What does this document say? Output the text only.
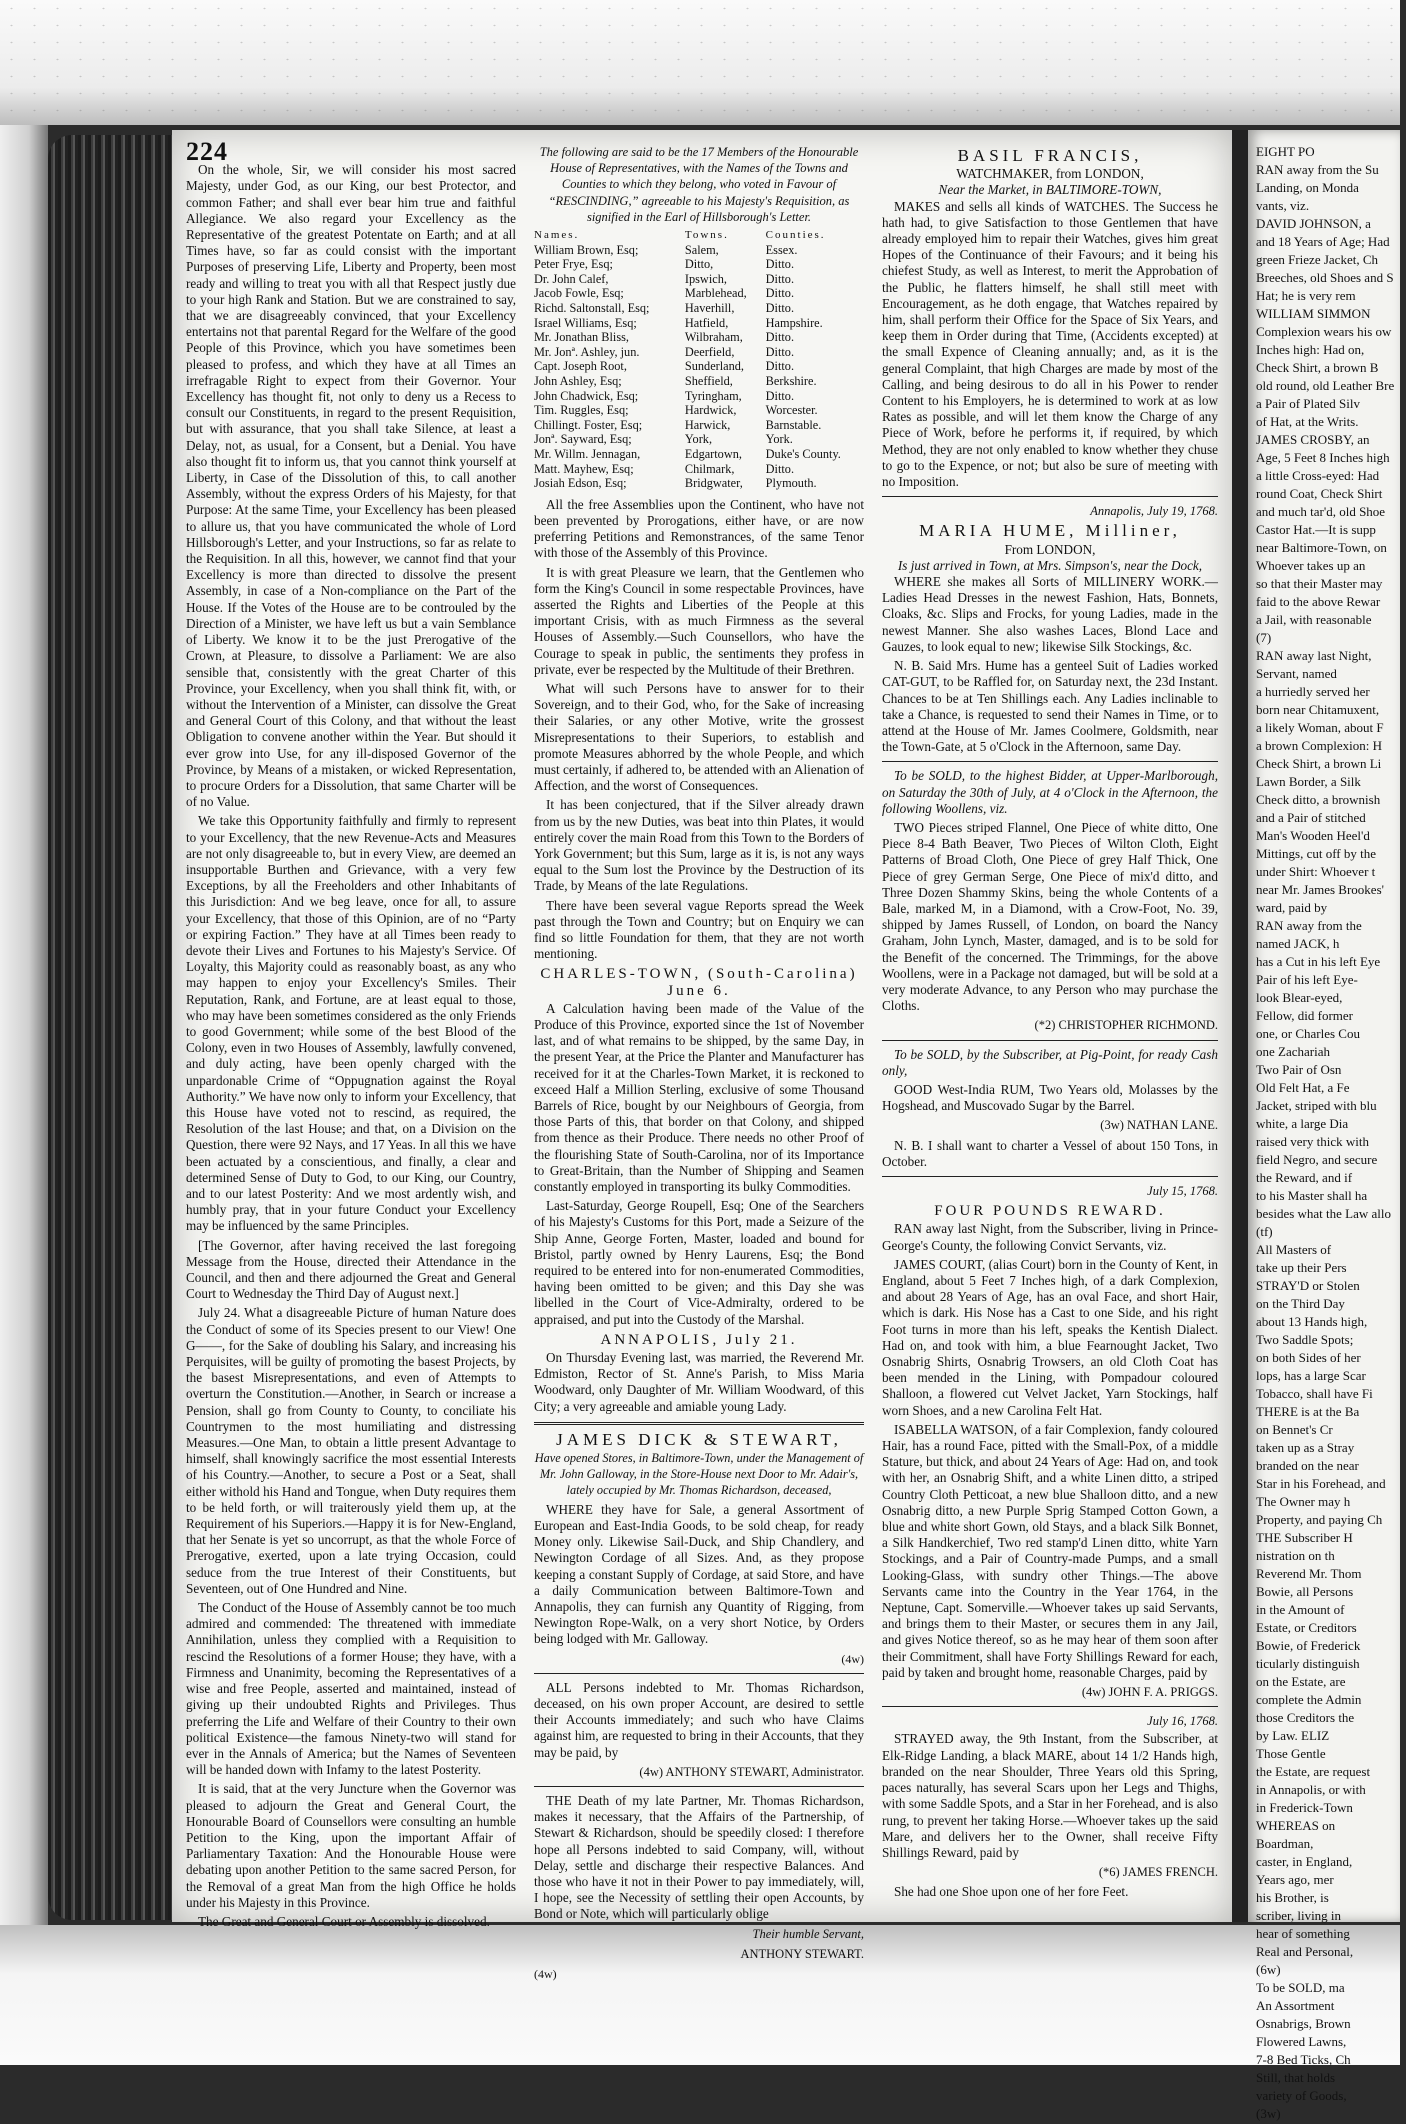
224

On the whole, Sir, we will consider his most sacred Majesty, under God, as our King, our best Protector, and common Father; and shall ever bear him true and faithful Allegiance. We also regard your Excellency as the Representative of the greatest Potentate on Earth; and at all Times have, so far as could consist with the important Purposes of preserving Life, Liberty and Property, been most ready and willing to treat you with all that Respect justly due to your high Rank and Station. But we are constrained to say, that we are disagreeably convinced, that your Excellency entertains not that parental Regard for the Welfare of the good People of this Province, which you have sometimes been pleased to profess, and which they have at all Times an irrefragable Right to expect from their Governor. Your Excellency has thought fit, not only to deny us a Recess to consult our Constituents, in regard to the present Requisition, but with assurance, that you shall take Silence, at least a Delay, not, as usual, for a Consent, but a Denial. You have also thought fit to inform us, that you cannot think yourself at Liberty, in Case of the Dissolution of this, to call another Assembly, without the express Orders of his Majesty, for that Purpose: At the same Time, your Excellency has been pleased to allure us, that you have communicated the whole of Lord Hillsborough's Letter, and your Instructions, so far as relate to the Requisition. In all this, however, we cannot find that your Excellency is more than directed to dissolve the present Assembly, in case of a Non-compliance on the Part of the House. If the Votes of the House are to be controuled by the Direction of a Minister, we have left us but a vain Semblance of Liberty. We know it to be the just Prerogative of the Crown, at Pleasure, to dissolve a Parliament: We are also sensible that, consistently with the great Charter of this Province, your Excellency, when you shall think fit, with, or without the Intervention of a Minister, can dissolve the Great and General Court of this Colony, and that without the least Obligation to convene another within the Year. But should it ever grow into Use, for any ill-disposed Governor of the Province, by Means of a mistaken, or wicked Representation, to procure Orders for a Dissolution, that same Charter will be of no Value.

We take this Opportunity faithfully and firmly to represent to your Excellency, that the new Revenue-Acts and Measures are not only disagreeable to, but in every View, are deemed an insupportable Burthen and Grievance, with a very few Exceptions, by all the Freeholders and other Inhabitants of this Jurisdiction: And we beg leave, once for all, to assure your Excellency, that those of this Opinion, are of no “Party or expiring Faction.” They have at all Times been ready to devote their Lives and Fortunes to his Majesty's Service. Of Loyalty, this Majority could as reasonably boast, as any who may happen to enjoy your Excellency's Smiles. Their Reputation, Rank, and Fortune, are at least equal to those, who may have been sometimes considered as the only Friends to good Government; while some of the best Blood of the Colony, even in two Houses of Assembly, lawfully convened, and duly acting, have been openly charged with the unpardonable Crime of “Oppugnation against the Royal Authority.” We have now only to inform your Excellency, that this House have voted not to rescind, as required, the Resolution of the last House; and that, on a Division on the Question, there were 92 Nays, and 17 Yeas. In all this we have been actuated by a conscientious, and finally, a clear and determined Sense of Duty to God, to our King, our Country, and to our latest Posterity: And we most ardently wish, and humbly pray, that in your future Conduct your Excellency may be influenced by the same Principles.

[The Governor, after having received the last foregoing Message from the House, directed their Attendance in the Council, and then and there adjourned the Great and General Court to Wednesday the Third Day of August next.]

July 24. What a disagreeable Picture of human Nature does the Conduct of some of its Species present to our View! One G——, for the Sake of doubling his Salary, and increasing his Perquisites, will be guilty of promoting the basest Projects, by the basest Misrepresentations, and even of Attempts to overturn the Constitution.—Another, in Search or increase a Pension, shall go from County to County, to conciliate his Countrymen to the most humiliating and distressing Measures.—One Man, to obtain a little present Advantage to himself, shall knowingly sacrifice the most essential Interests of his Country.—Another, to secure a Post or a Seat, shall either withold his Hand and Tongue, when Duty requires them to be held forth, or will traiterously yield them up, at the Requirement of his Superiors.—Happy it is for New-England, that her Senate is yet so uncorrupt, as that the whole Force of Prerogative, exerted, upon a late trying Occasion, could seduce from the true Interest of their Constituents, but Seventeen, out of One Hundred and Nine.

The Conduct of the House of Assembly cannot be too much admired and commended: The threatened with immediate Annihilation, unless they complied with a Requisition to rescind the Resolutions of a former House; they have, with a Firmness and Unanimity, becoming the Representatives of a wise and free People, asserted and maintained, instead of giving up their undoubted Rights and Privileges. Thus preferring the Life and Welfare of their Country to their own political Existence—the famous Ninety-two will stand for ever in the Annals of America; but the Names of Seventeen will be handed down with Infamy to the latest Posterity.

It is said, that at the very Juncture when the Governor was pleased to adjourn the Great and General Court, the Honourable Board of Counsellors were consulting an humble Petition to the King, upon the important Affair of Parliamentary Taxation: And the Honourable House were debating upon another Petition to the same sacred Person, for the Removal of a great Man from the high Office he holds under his Majesty in this Province.

The Great and General Court or Assembly is dissolved.

The following are said to be the 17 Members of the Honourable House of Representatives, with the Names of the Towns and Counties to which they belong, who voted in Favour of “RESCINDING,” agreeable to his Majesty's Requisition, as signified in the Earl of Hillsborough's Letter.

Names.	Towns.	Counties.
William Brown, Esq;	Salem,	Essex.
Peter Frye, Esq;	Ditto,	Ditto.
Dr. John Calef,	Ipswich,	Ditto.
Jacob Fowle, Esq;	Marblehead,	Ditto.
Richd. Saltonstall, Esq;	Haverhill,	Ditto.
Israel Williams, Esq;	Hatfield,	Hampshire.
Mr. Jonathan Bliss,	Wilbraham,	Ditto.
Mr. Jonª. Ashley, jun.	Deerfield,	Ditto.
Capt. Joseph Root,	Sunderland,	Ditto.
John Ashley, Esq;	Sheffield,	Berkshire.
John Chadwick, Esq;	Tyringham,	Ditto.
Tim. Ruggles, Esq;	Hardwick,	Worcester.
Chillingt. Foster, Esq;	Harwick,	Barnstable.
Jonª. Sayward, Esq;	York,	York.
Mr. Willm. Jennagan,	Edgartown,	Duke's County.
Matt. Mayhew, Esq;	Chilmark,	Ditto.
Josiah Edson, Esq;	Bridgwater,	Plymouth.

All the free Assemblies upon the Continent, who have not been prevented by Prorogations, either have, or are now preferring Petitions and Remonstrances, of the same Tenor with those of the Assembly of this Province.

It is with great Pleasure we learn, that the Gentlemen who form the King's Council in some respectable Provinces, have asserted the Rights and Liberties of the People at this important Crisis, with as much Firmness as the several Houses of Assembly.—Such Counsellors, who have the Courage to speak in public, the sentiments they profess in private, ever be respected by the Multitude of their Brethren.

What will such Persons have to answer for to their Sovereign, and to their God, who, for the Sake of increasing their Salaries, or any other Motive, write the grossest Misrepresentations to their Superiors, to establish and promote Measures abhorred by the whole People, and which must certainly, if adhered to, be attended with an Alienation of Affection, and the worst of Consequences.

It has been conjectured, that if the Silver already drawn from us by the new Duties, was beat into thin Plates, it would entirely cover the main Road from this Town to the Borders of York Government; but this Sum, large as it is, is not any ways equal to the Sum lost the Province by the Destruction of its Trade, by Means of the late Regulations.

There have been several vague Reports spread the Week past through the Town and Country; but on Enquiry we can find so little Foundation for them, that they are not worth mentioning.

CHARLES-TOWN, (South-Carolina) June 6.

A Calculation having been made of the Value of the Produce of this Province, exported since the 1st of November last, and of what remains to be shipped, by the same Day, in the present Year, at the Price the Planter and Manufacturer has received for it at the Charles-Town Market, it is reckoned to exceed Half a Million Sterling, exclusive of some Thousand Barrels of Rice, bought by our Neighbours of Georgia, from those Parts of this, that border on that Colony, and shipped from thence as their Produce. There needs no other Proof of the flourishing State of South-Carolina, nor of its Importance to Great-Britain, than the Number of Shipping and Seamen constantly employed in transporting its bulky Commodities.

Last-Saturday, George Roupell, Esq; One of the Searchers of his Majesty's Customs for this Port, made a Seizure of the Ship Anne, George Forten, Master, loaded and bound for Bristol, partly owned by Henry Laurens, Esq; the Bond required to be entered into for non-enumerated Commodities, having been omitted to be given; and this Day she was libelled in the Court of Vice-Admiralty, ordered to be appraised, and put into the Custody of the Marshal.

ANNAPOLIS, July 21.

On Thursday Evening last, was married, the Reverend Mr. Edmiston, Rector of St. Anne's Parish, to Miss Maria Woodward, only Daughter of Mr. William Woodward, of this City; a very agreeable and amiable young Lady.

JAMES DICK & STEWART,

Have opened Stores, in Baltimore-Town, under the Management of Mr. John Galloway, in the Store-House next Door to Mr. Adair's, lately occupied by Mr. Thomas Richardson, deceased,

WHERE they have for Sale, a general Assortment of European and East-India Goods, to be sold cheap, for ready Money only. Likewise Sail-Duck, and Ship Chandlery, and Newington Cordage of all Sizes. And, as they propose keeping a constant Supply of Cordage, at said Store, and have a daily Communication between Baltimore-Town and Annapolis, they can furnish any Quantity of Rigging, from Newington Rope-Walk, on a very short Notice, by Orders being lodged with Mr. Galloway.

(4w)

ALL Persons indebted to Mr. Thomas Richardson, deceased, on his own proper Account, are desired to settle their Accounts immediately; and such who have Claims against him, are requested to bring in their Accounts, that they may be paid, by

(4w) ANTHONY STEWART, Administrator.

THE Death of my late Partner, Mr. Thomas Richardson, makes it necessary, that the Affairs of the Partnership, of Stewart & Richardson, should be speedily closed: I therefore hope all Persons indebted to said Company, will, without Delay, settle and discharge their respective Balances. And those who have it not in their Power to pay immediately, will, I hope, see the Necessity of settling their open Accounts, by Bond or Note, which will particularly oblige

Their humble Servant,
ANTHONY STEWART.
(4w)
BASIL FRANCIS,
WATCHMAKER, from LONDON,
Near the Market, in BALTIMORE-TOWN,

MAKES and sells all kinds of WATCHES. The Success he hath had, to give Satisfaction to those Gentlemen that have already employed him to repair their Watches, gives him great Hopes of the Continuance of their Favours; and it being his chiefest Study, as well as Interest, to merit the Approbation of the Public, he flatters himself, he shall still meet with Encouragement, as he doth engage, that Watches repaired by him, shall perform their Office for the Space of Six Years, and keep them in Order during that Time, (Accidents excepted) at the small Expence of Cleaning annually; and, as it is the general Complaint, that high Charges are made by most of the Calling, and being desirous to do all in his Power to render Content to his Employers, he is determined to work at as low Rates as possible, and will let them know the Charge of any Piece of Work, before he performs it, if required, by which Method, they are not only enabled to know whether they chuse to go to the Expence, or not; but also be sure of meeting with no Imposition.

Annapolis, July 19, 1768.
MARIA HUME, Milliner,
From LONDON,
Is just arrived in Town, at Mrs. Simpson's, near the Dock,

WHERE she makes all Sorts of MILLINERY WORK.—Ladies Head Dresses in the newest Fashion, Hats, Bonnets, Cloaks, &c. Slips and Frocks, for young Ladies, made in the newest Manner. She also washes Laces, Blond Lace and Gauzes, to look equal to new; likewise Silk Stockings, &c.

N. B. Said Mrs. Hume has a genteel Suit of Ladies worked CAT-GUT, to be Raffled for, on Saturday next, the 23d Instant. Chances to be at Ten Shillings each. Any Ladies inclinable to take a Chance, is requested to send their Names in Time, or to attend at the House of Mr. James Coolmere, Goldsmith, near the Town-Gate, at 5 o'Clock in the Afternoon, same Day.

To be SOLD, to the highest Bidder, at Upper-Marlborough, on Saturday the 30th of July, at 4 o'Clock in the Afternoon, the following Woollens, viz.

TWO Pieces striped Flannel, One Piece of white ditto, One Piece 8-4 Bath Beaver, Two Pieces of Wilton Cloth, Eight Patterns of Broad Cloth, One Piece of grey Half Thick, One Piece of grey German Serge, One Piece of mix'd ditto, and Three Dozen Shammy Skins, being the whole Contents of a Bale, marked M, in a Diamond, with a Crow-Foot, No. 39, shipped by James Russell, of London, on board the Nancy Graham, John Lynch, Master, damaged, and is to be sold for the Benefit of the concerned. The Trimmings, for the above Woollens, were in a Package not damaged, but will be sold at a very moderate Advance, to any Person who may purchase the Cloths.

(*2) CHRISTOPHER RICHMOND.

To be SOLD, by the Subscriber, at Pig-Point, for ready Cash only,

GOOD West-India RUM, Two Years old, Molasses by the Hogshead, and Muscovado Sugar by the Barrel.

(3w) NATHAN LANE.

N. B. I shall want to charter a Vessel of about 150 Tons, in October.

July 15, 1768.
FOUR POUNDS REWARD.

RAN away last Night, from the Subscriber, living in Prince-George's County, the following Convict Servants, viz.

JAMES COURT, (alias Court) born in the County of Kent, in England, about 5 Feet 7 Inches high, of a dark Complexion, and about 28 Years of Age, has an oval Face, and short Hair, which is dark. His Nose has a Cast to one Side, and his right Foot turns in more than his left, speaks the Kentish Dialect. Had on, and took with him, a blue Fearnought Jacket, Two Osnabrig Shirts, Osnabrig Trowsers, an old Cloth Coat has been mended in the Lining, with Pompadour coloured Shalloon, a flowered cut Velvet Jacket, Yarn Stockings, half worn Shoes, and a new Carolina Felt Hat.

ISABELLA WATSON, of a fair Complexion, fandy coloured Hair, has a round Face, pitted with the Small-Pox, of a middle Stature, but thick, and about 24 Years of Age: Had on, and took with her, an Osnabrig Shift, and a white Linen ditto, a striped Country Cloth Petticoat, a new blue Shalloon ditto, and a new Osnabrig ditto, a new Purple Sprig Stamped Cotton Gown, a blue and white short Gown, old Stays, and a black Silk Bonnet, a Silk Handkerchief, Two red stamp'd Linen ditto, white Yarn Stockings, and a Pair of Country-made Pumps, and a small Looking-Glass, with sundry other Things.—The above Servants came into the Country in the Year 1764, in the Neptune, Capt. Somerville.—Whoever takes up said Servants, and brings them to their Master, or secures them in any Jail, and gives Notice thereof, so as he may hear of them soon after their Commitment, shall have Forty Shillings Reward for each, paid by taken and brought home, reasonable Charges, paid by

(4w) JOHN F. A. PRIGGS.
July 16, 1768.

STRAYED away, the 9th Instant, from the Subscriber, at Elk-Ridge Landing, a black MARE, about 14 1/2 Hands high, branded on the near Shoulder, Three Years old this Spring, paces naturally, has several Scars upon her Legs and Thighs, with some Saddle Spots, and a Star in her Forehead, and is also rung, to prevent her taking Horse.—Whoever takes up the said Mare, and delivers her to the Owner, shall receive Fifty Shillings Reward, paid by

(*6) JAMES FRENCH.

She had one Shoe upon one of her fore Feet.

EIGHT PO

RAN away from the Su

Landing, on Monda

vants, viz.

DAVID JOHNSON, a

and 18 Years of Age; Had

green Frieze Jacket, Ch

Breeches, old Shoes and S

Hat; he is very rem

WILLIAM SIMMON

Complexion wears his ow

Inches high: Had on,

Check Shirt, a brown B

old round, old Leather Bre

a Pair of Plated Silv

of Hat, at the Writs.

JAMES CROSBY, an

Age, 5 Feet 8 Inches high

a little Cross-eyed: Had

round Coat, Check Shirt

and much tar'd, old Shoe

Castor Hat.—It is supp

near Baltimore-Town, on

Whoever takes up an

so that their Master may

faid to the above Rewar

a Jail, with reasonable

(7)

RAN away last Night,

Servant, named

a hurriedly served her

born near Chitamuxent,

a likely Woman, about F

a brown Complexion: H

Check Shirt, a brown Li

Lawn Border, a Silk

Check ditto, a brownish

and a Pair of stitched

Man's Wooden Heel'd

Mittings, cut off by the

under Shirt: Whoever t

near Mr. James Brookes'

ward, paid by

RAN away from the

named JACK, h

has a Cut in his left Eye

Pair of his left Eye-

look Blear-eyed,

Fellow, did former

one, or Charles Cou

one Zachariah

Two Pair of Osn

Old Felt Hat, a Fe

Jacket, striped with blu

white, a large Dia

raised very thick with

field Negro, and secure

the Reward, and if

to his Master shall ha

besides what the Law allo

(tf)

All Masters of

take up their Pers

STRAY'D or Stolen

on the Third Day

about 13 Hands high,

Two Saddle Spots;

on both Sides of her

lops, has a large Scar

Tobacco, shall have Fi

THERE is at the Ba

on Bennet's Cr

taken up as a Stray

branded on the near

Star in his Forehead, and

The Owner may h

Property, and paying Ch

THE Subscriber H

nistration on th

Reverend Mr. Thom

Bowie, all Persons

in the Amount of

Estate, or Creditors

Bowie, of Frederick

ticularly distinguish

on the Estate, are

complete the Admin

those Creditors the

by Law. ELIZ

Those Gentle

the Estate, are request

in Annapolis, or with

in Frederick-Town

WHEREAS on

Boardman,

caster, in England,

Years ago, mer

his Brother, is

scriber, living in

hear of something

Real and Personal,

(6w)

To be SOLD, ma

An Assortment

Osnabrigs, Brown

Flowered Lawns,

7-8 Bed Ticks, Ch

Still, that holds

variety of Goods,

(3w)
